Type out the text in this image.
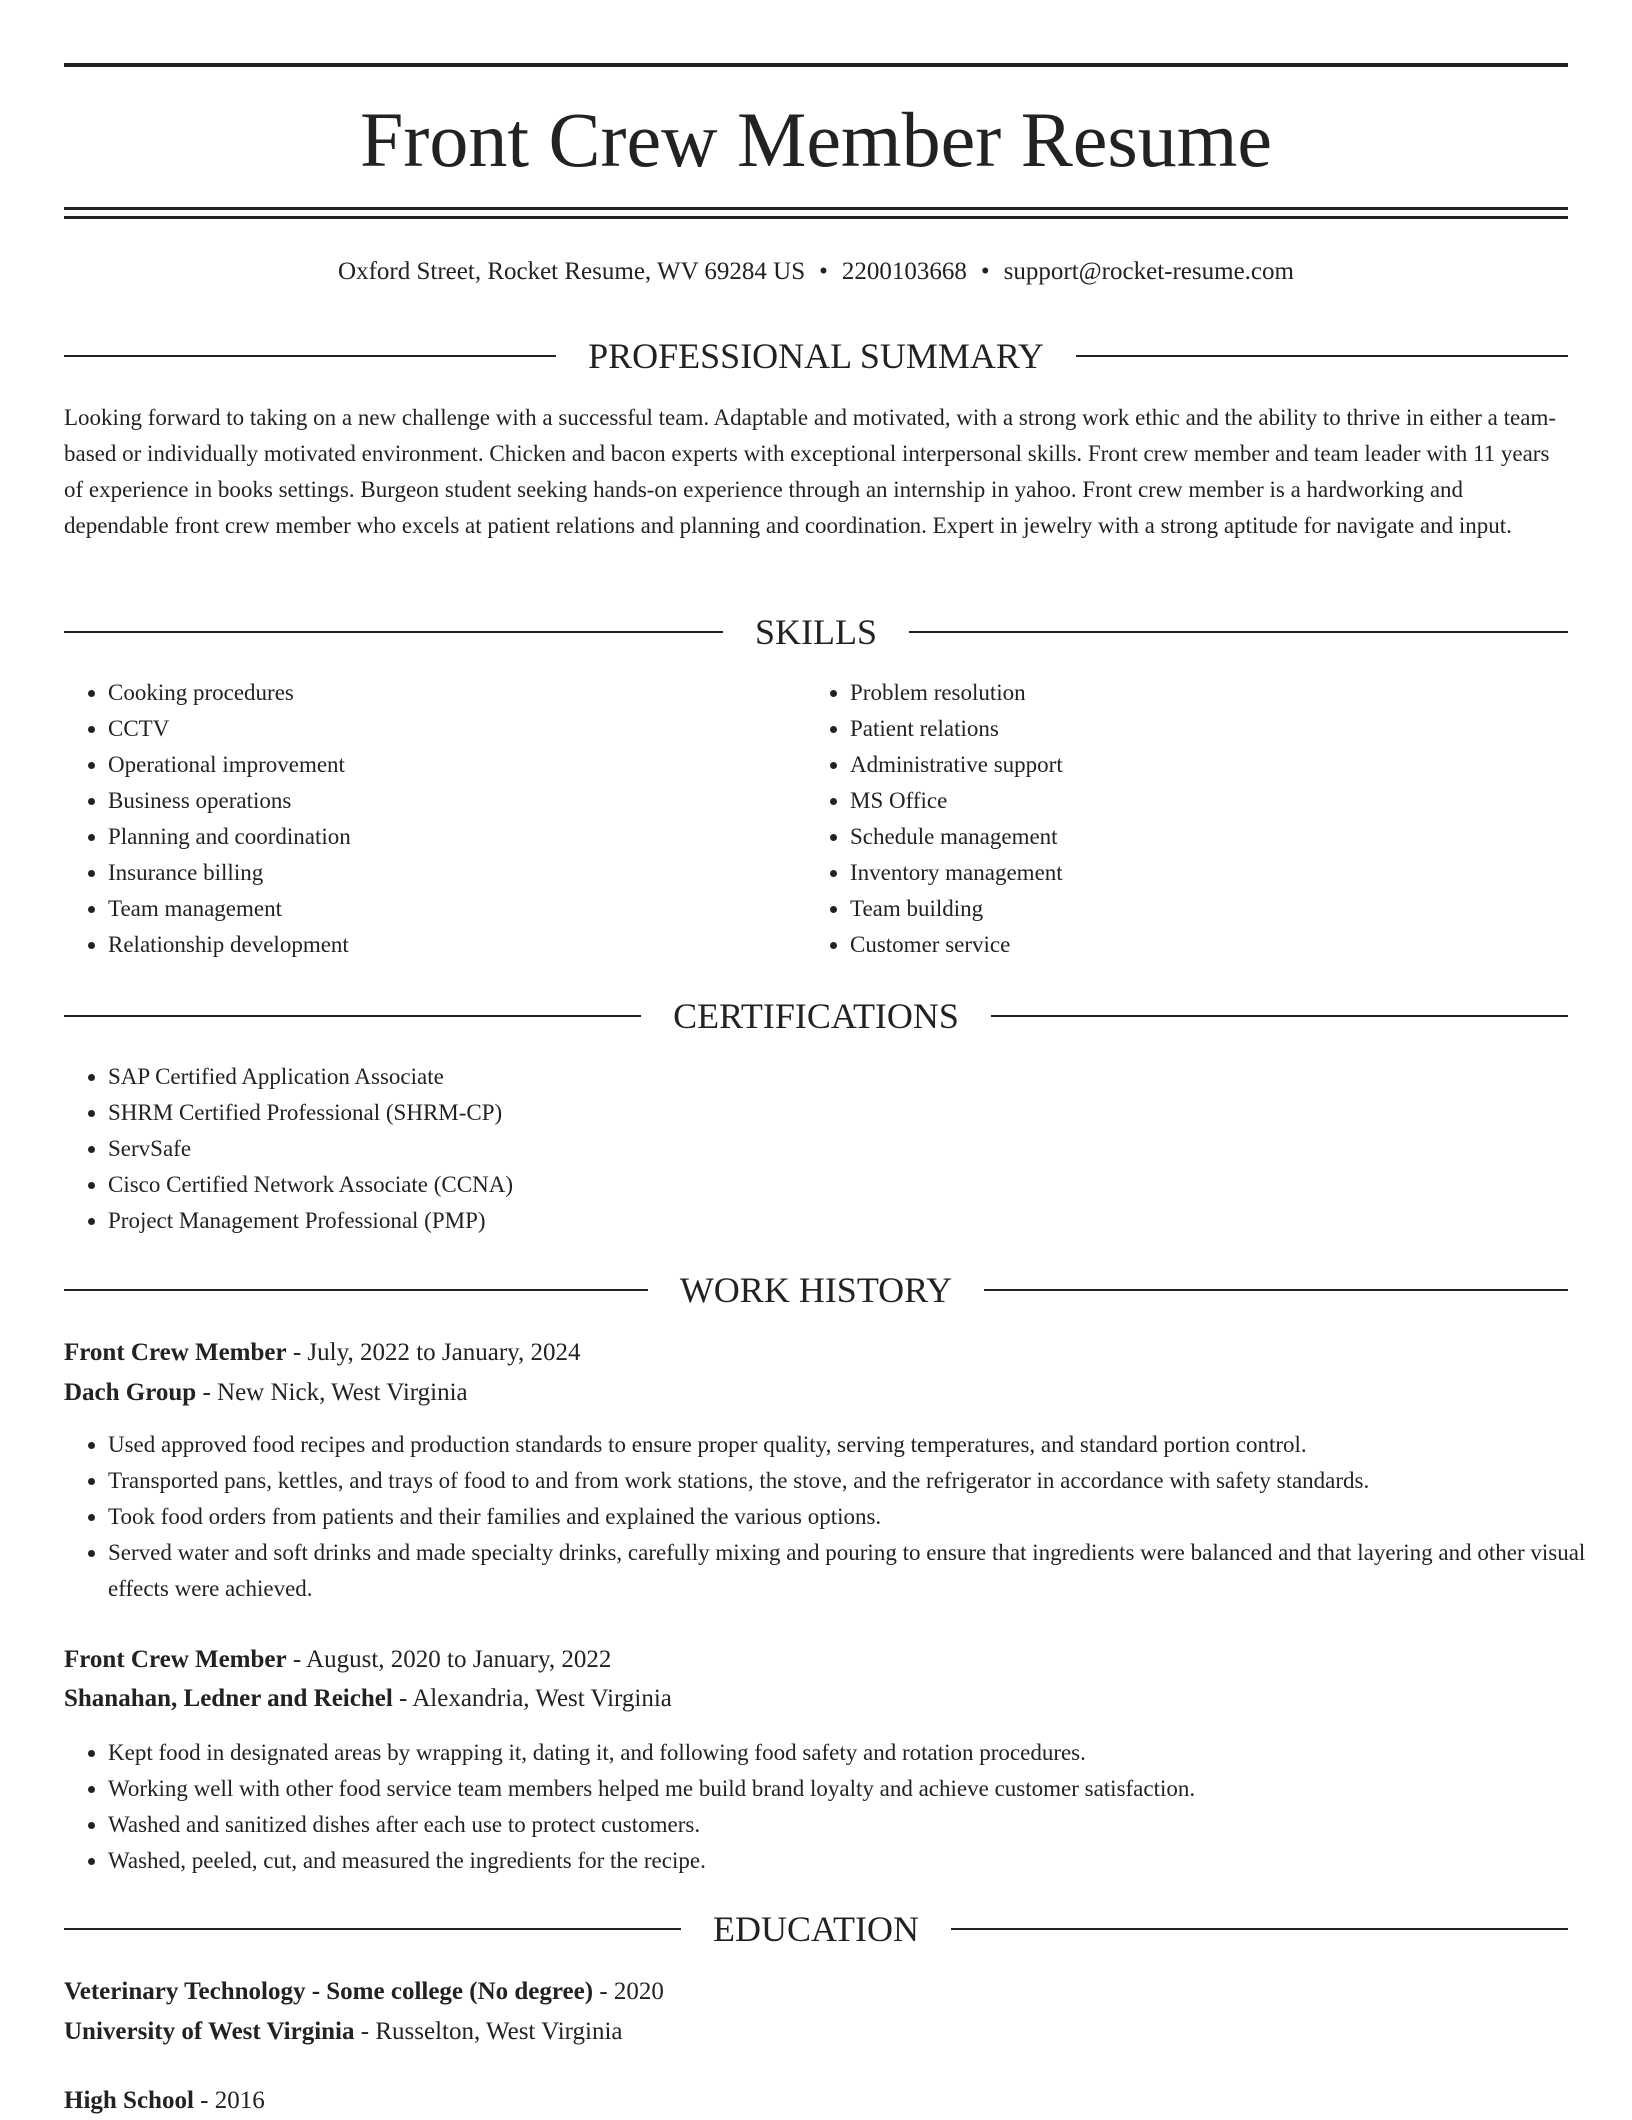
Front Crew Member Resume
Oxford Street, Rocket Resume, WV 69284 US • 2200103668 • support@rocket-resume.com
PROFESSIONAL SUMMARY

Looking forward to taking on a new challenge with a successful team. Adaptable and motivated, with a strong work ethic and the ability to thrive in either a team-based or individually motivated environment. Chicken and bacon experts with exceptional interpersonal skills. Front crew member and team leader with 11 years of experience in books settings. Burgeon student seeking hands-on experience through an internship in yahoo. Front crew member is a hardworking and dependable front crew member who excels at patient relations and planning and coordination. Expert in jewelry with a strong aptitude for navigate and input.

SKILLS
• Cooking procedures
• CCTV
• Operational improvement
• Business operations
• Planning and coordination
• Insurance billing
• Team management
• Relationship development
• Problem resolution
• Patient relations
• Administrative support
• MS Office
• Schedule management
• Inventory management
• Team building
• Customer service
CERTIFICATIONS
• SAP Certified Application Associate
• SHRM Certified Professional (SHRM-CP)
• ServSafe
• Cisco Certified Network Associate (CCNA)
• Project Management Professional (PMP)
WORK HISTORY
Front Crew Member - July, 2022 to January, 2024
Dach Group - New Nick, West Virginia
• Used approved food recipes and production standards to ensure proper quality, serving temperatures, and standard portion control.
• Transported pans, kettles, and trays of food to and from work stations, the stove, and the refrigerator in accordance with safety standards.
• Took food orders from patients and their families and explained the various options.
• Served water and soft drinks and made specialty drinks, carefully mixing and pouring to ensure that ingredients were balanced and that layering and other visual effects were achieved.
Front Crew Member - August, 2020 to January, 2022
Shanahan, Ledner and Reichel - Alexandria, West Virginia
• Kept food in designated areas by wrapping it, dating it, and following food safety and rotation procedures.
• Working well with other food service team members helped me build brand loyalty and achieve customer satisfaction.
• Washed and sanitized dishes after each use to protect customers.
• Washed, peeled, cut, and measured the ingredients for the recipe.
EDUCATION
Veterinary Technology - Some college (No degree) - 2020
University of West Virginia - Russelton, West Virginia
High School - 2016
